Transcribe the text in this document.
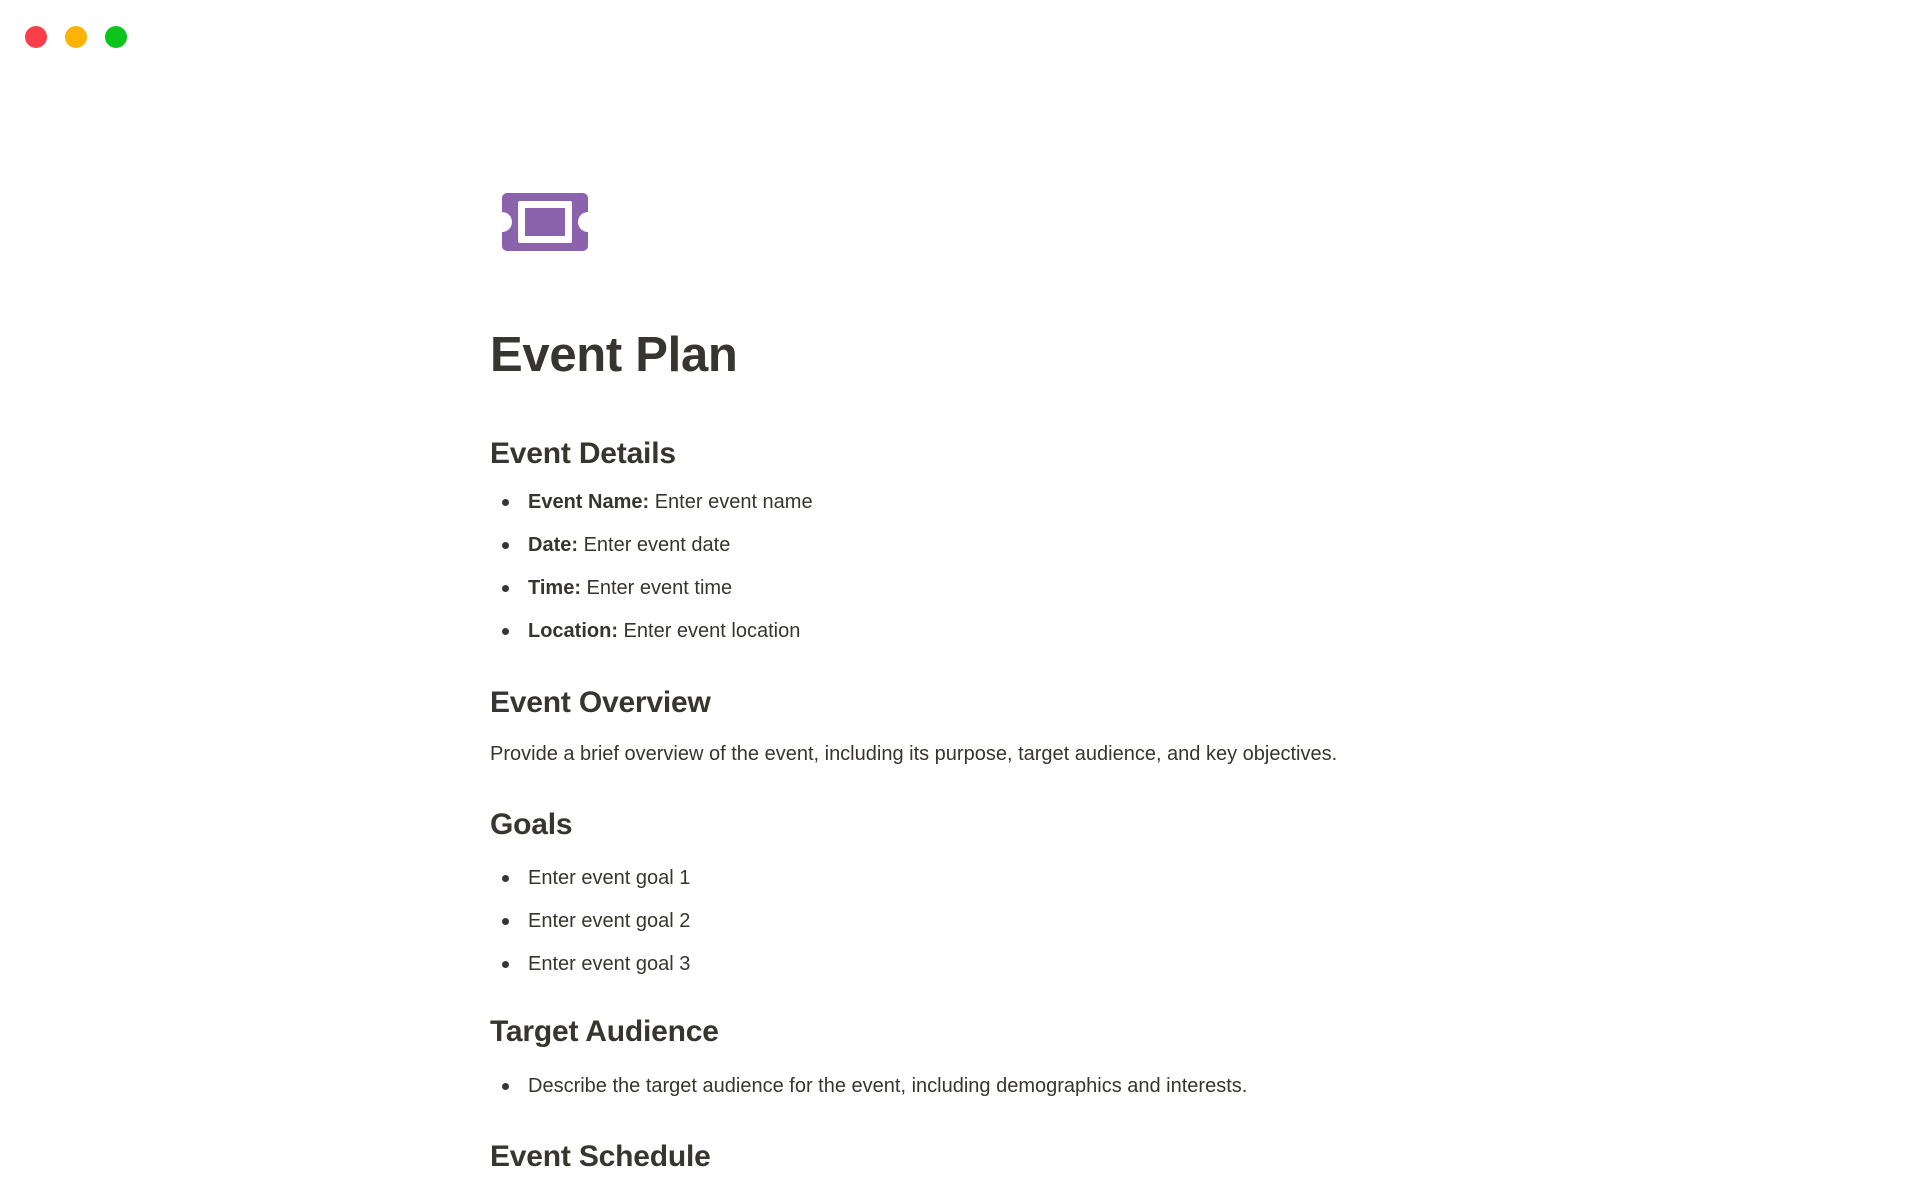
Event Plan
Event Details
Event Name: Enter event name
Date: Enter event date
Time: Enter event time
Location: Enter event location
Event Overview

Provide a brief overview of the event, including its purpose, target audience, and key objectives.

Goals
Enter event goal 1
Enter event goal 2
Enter event goal 3
Target Audience
Describe the target audience for the event, including demographics and interests.
Event Schedule
